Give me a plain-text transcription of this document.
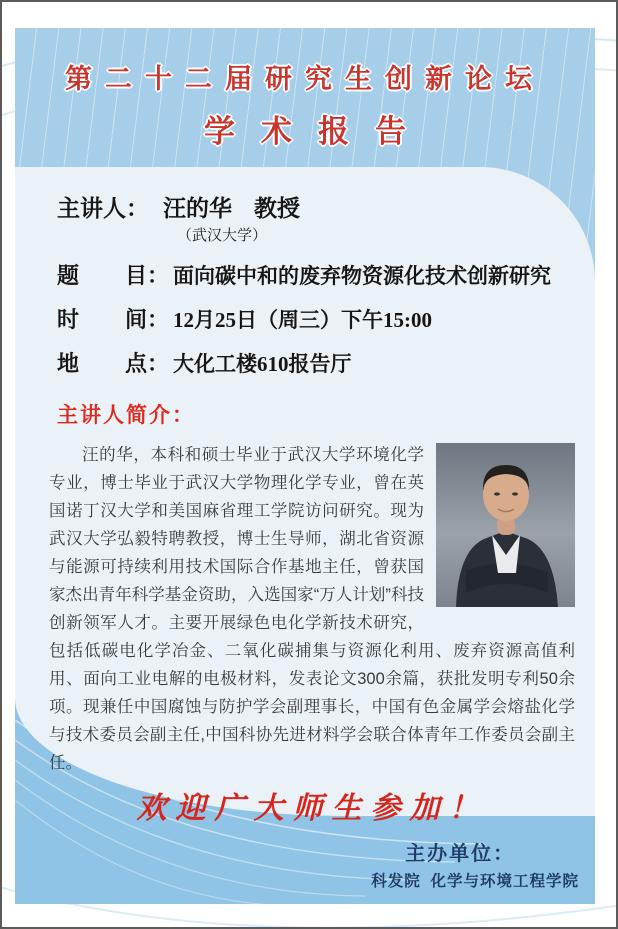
第二十二届研究生创新论坛
学术报告
主办单位：
科发院  化学与环境工程学院
主讲人： 汪的华 教授
（武汉大学）
题 目： 面向碳中和的废弃物资源化技术创新研究
时 间： 12月25日（周三）下午15:00
地 点： 大化工楼610报告厅
主讲人简介：

汪的华，本科和硕士毕业于武汉大学环境化学专业，博士毕业于武汉大学物理化学专业，曾在英国诺丁汉大学和美国麻省理工学院访问研究。现为武汉大学弘毅特聘教授，博士生导师，湖北省资源与能源可持续利用技术国际合作基地主任，曾获国家杰出青年科学基金资助，入选国家“万人计划”科技创新领军人才。主要开展绿色电化学新技术研究，包括低碳电化学冶金、二氧化碳捕集与资源化利用、废弃资源高值利用、面向工业电解的电极材料，发表论文300余篇，获批发明专利50余项。现兼任中国腐蚀与防护学会副理事长，中国有色金属学会熔盐化学与技术委员会副主任,中国科协先进材料学会联合体青年工作委员会副主任。

欢迎广大师生参加！
